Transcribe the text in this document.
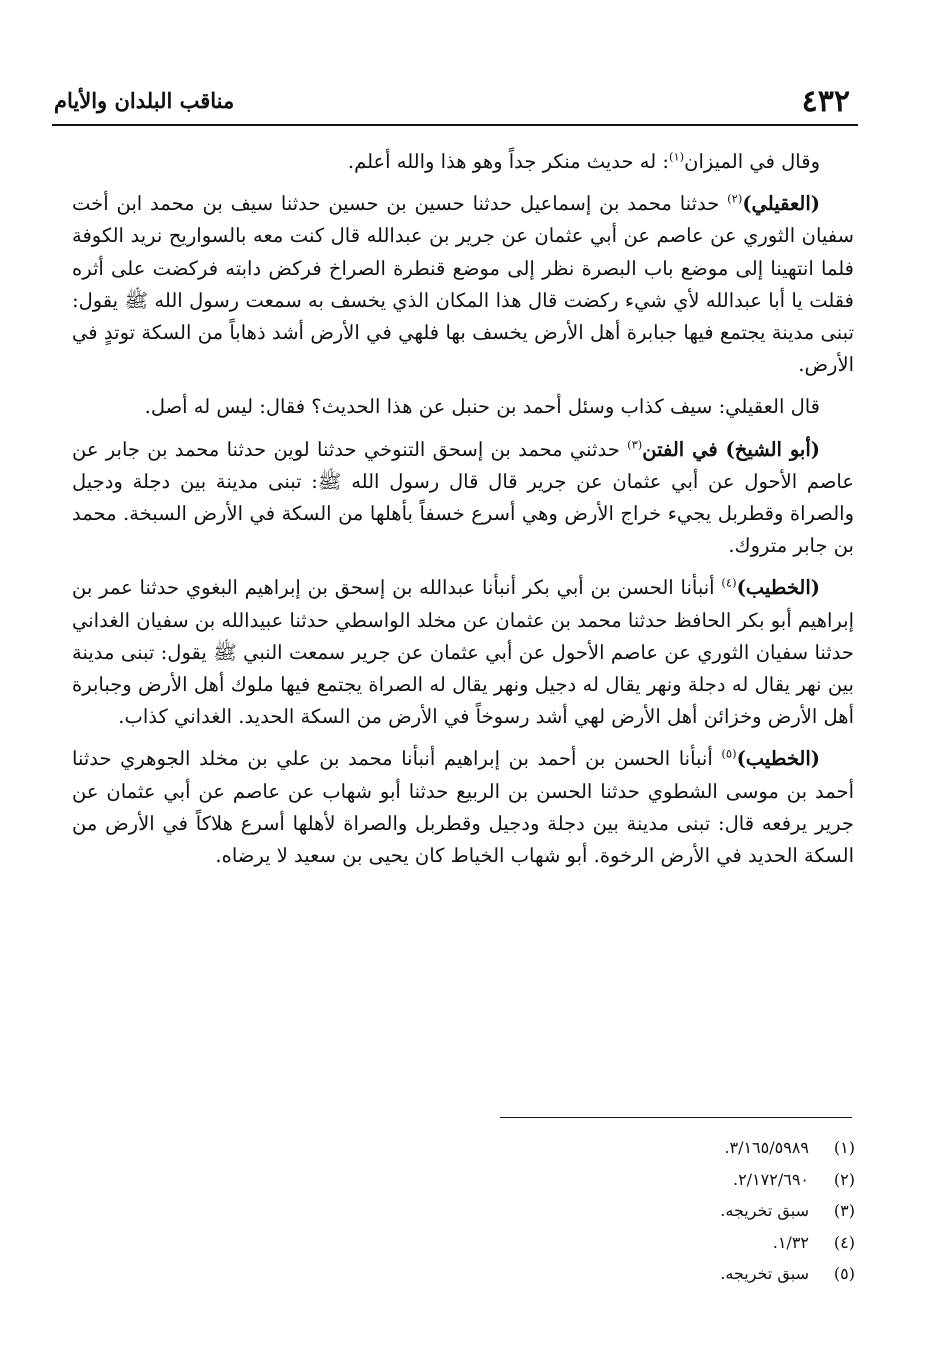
٤٣٢
مناقب البلدان والأيام

وقال في الميزان$^{(١)}$: له حديث منكر جداً وهو هذا والله أعلم.

(العقيلي)$^{(٢)}$ حدثنا محمد بن إسماعيل حدثنا حسين بن حسين حدثنا سيف بن محمد ابن أخت سفيان الثوري عن عاصم عن أبي عثمان عن جرير بن عبدالله قال كنت معه بالسواريح نريد الكوفة فلما انتهينا إلى موضع باب البصرة نظر إلى موضع قنطرة الصراخ فركض دابته فركضت على أثره فقلت يا أبا عبدالله لأي شيء ركضت قال هذا المكان الذي يخسف به سمعت رسول الله ﷺ يقول: تبنى مدينة يجتمع فيها جبابرة أهل الأرض يخسف بها فلهي في الأرض أشد ذهاباً من السكة توتدٍ في الأرض.

قال العقيلي: سيف كذاب وسئل أحمد بن حنبل عن هذا الحديث؟ فقال: ليس له أصل.

(أبو الشيخ) في الفتن$^{(٣)}$ حدثني محمد بن إسحق التنوخي حدثنا لوين حدثنا محمد بن جابر عن عاصم الأحول عن أبي عثمان عن جرير قال قال رسول الله ﷺ: تبنى مدينة بين دجلة ودجيل والصراة وقطربل يجيء خراج الأرض وهي أسرع خسفاً بأهلها من السكة في الأرض السبخة. محمد بن جابر متروك.

(الخطيب)$^{(٤)}$ أنبأنا الحسن بن أبي بكر أنبأنا عبدالله بن إسحق بن إبراهيم البغوي حدثنا عمر بن إبراهيم أبو بكر الحافظ حدثنا محمد بن عثمان عن مخلد الواسطي حدثنا عبيدالله بن سفيان الغداني حدثنا سفيان الثوري عن عاصم الأحول عن أبي عثمان عن جرير سمعت النبي ﷺ يقول: تبنى مدينة بين نهر يقال له دجلة ونهر يقال له دجيل ونهر يقال له الصراة يجتمع فيها ملوك أهل الأرض وجبابرة أهل الأرض وخزائن أهل الأرض لهي أشد رسوخاً في الأرض من السكة الحديد. الغداني كذاب.

(الخطيب)$^{(٥)}$ أنبأنا الحسن بن أحمد بن إبراهيم أنبأنا محمد بن علي بن مخلد الجوهري حدثنا أحمد بن موسى الشطوي حدثنا الحسن بن الربيع حدثنا أبو شهاب عن عاصم عن أبي عثمان عن جرير يرفعه قال: تبنى مدينة بين دجلة ودجيل وقطربل والصراة لأهلها أسرع هلاكاً في الأرض من السكة الحديد في الأرض الرخوة. أبو شهاب الخياط كان يحيى بن سعيد لا يرضاه.

(١)٣/١٦٥/٥٩٨٩.
(٢)٢/١٧٢/٦٩٠.
(٣)سبق تخريجه.
(٤)١/٣٢.
(٥)سبق تخريجه.
